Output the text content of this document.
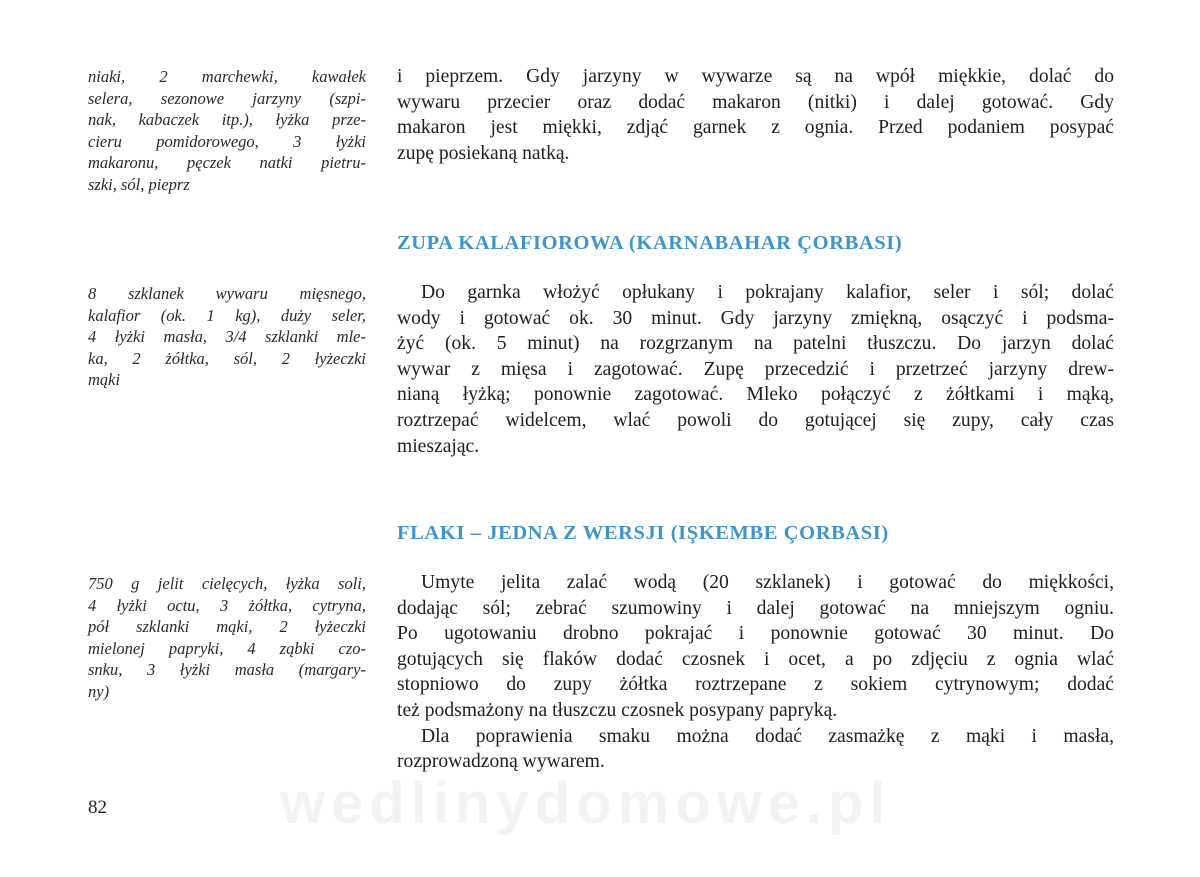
niaki, 2 marchewki, kawałek
selera, sezonowe jarzyny (szpi-
nak, kabaczek itp.), łyżka prze-
cieru pomidorowego, 3 łyżki
makaronu, pęczek natki pietru-
szki, sól, pieprz
i pieprzem. Gdy jarzyny w wywarze są na wpół miękkie, dolać do
wywaru przecier oraz dodać makaron (nitki) i dalej gotować. Gdy
makaron jest miękki, zdjąć garnek z ognia. Przed podaniem posypać
zupę posiekaną natką.
ZUPA KALAFIOROWA (KARNABAHAR ÇORBASI)
8 szklanek wywaru mięsnego,
kalafior (ok. 1 kg), duży seler,
4 łyżki masła, 3/4 szklanki mle-
ka, 2 żółtka, sól, 2 łyżeczki
mąki
Do garnka włożyć opłukany i pokrajany kalafior, seler i sól; dolać
wody i gotować ok. 30 minut. Gdy jarzyny zmiękną, osączyć i podsma-
żyć (ok. 5 minut) na rozgrzanym na patelni tłuszczu. Do jarzyn dolać
wywar z mięsa i zagotować. Zupę przecedzić i przetrzeć jarzyny drew-
nianą łyżką; ponownie zagotować. Mleko połączyć z żółtkami i mąką,
roztrzepać widelcem, wlać powoli do gotującej się zupy, cały czas
mieszając.
FLAKI – JEDNA Z WERSJI (IŞKEMBE ÇORBASI)
750 g jelit cielęcych, łyżka soli,
4 łyżki octu, 3 żółtka, cytryna,
pół szklanki mąki, 2 łyżeczki
mielonej papryki, 4 ząbki czo-
snku, 3 łyżki masła (margary-
ny)
Umyte jelita zalać wodą (20 szklanek) i gotować do miękkości,
dodając sól; zebrać szumowiny i dalej gotować na mniejszym ogniu.
Po ugotowaniu drobno pokrajać i ponownie gotować 30 minut. Do
gotujących się flaków dodać czosnek i ocet, a po zdjęciu z ognia wlać
stopniowo do zupy żółtka roztrzepane z sokiem cytrynowym; dodać
też podsmażony na tłuszczu czosnek posypany papryką.
Dla poprawienia smaku można dodać zasmażkę z mąki i masła,
rozprowadzoną wywarem.
82	wedlinydomowe.pl
